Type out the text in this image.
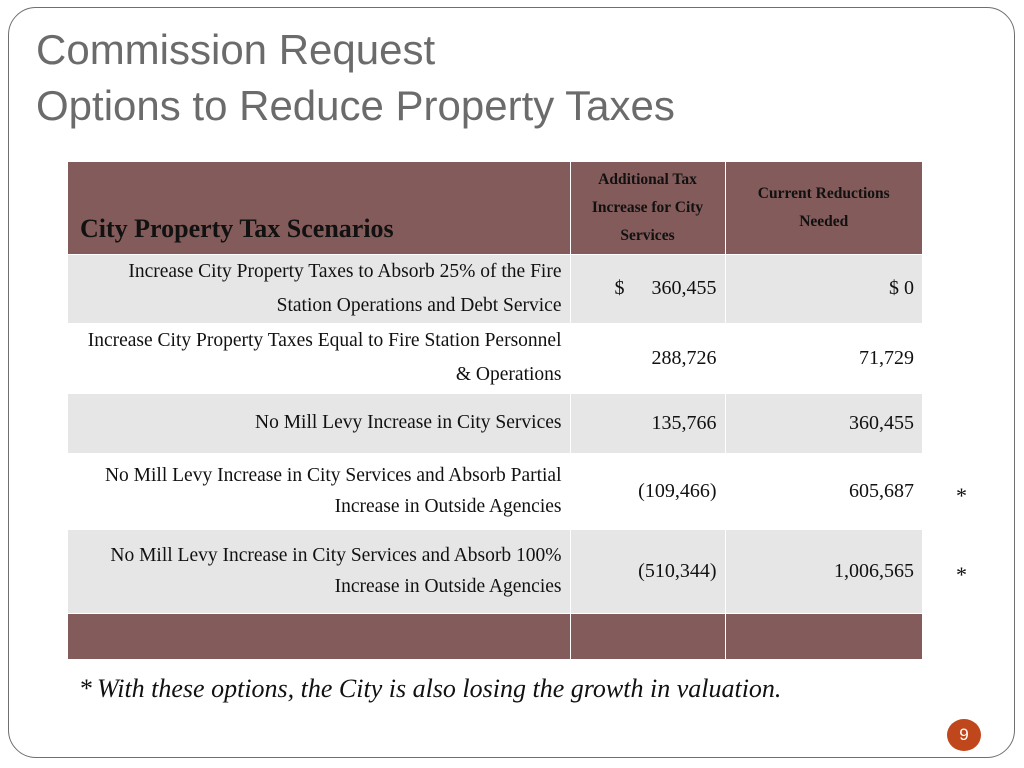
Commission Request
Options to Reduce Property Taxes
City Property Tax Scenarios	Additional Tax Increase for City Services	Current Reductions Needed
Increase City Property Taxes to Absorb 25% of the Fire Station Operations and Debt Service	$ 360,455	$ 0
Increase City Property Taxes Equal to Fire Station Personnel & Operations	288,726	71,729
No Mill Levy Increase in City Services	135,766	360,455
No Mill Levy Increase in City Services and Absorb Partial Increase in Outside Agencies	(109,466)	605,687
No Mill Levy Increase in City Services and Absorb 100% Increase in Outside Agencies	(510,344)	1,006,565

*
*
* With these options, the City is also losing the growth in valuation.
9
